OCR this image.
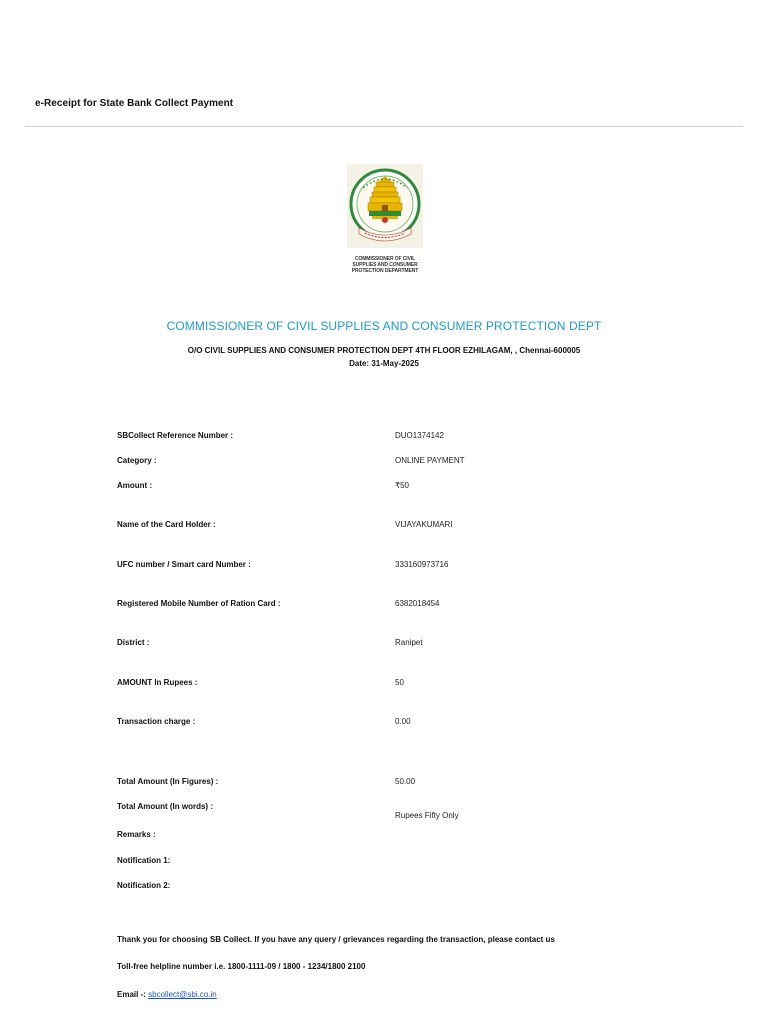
e-Receipt for State Bank Collect Payment
COMMISSIONER OF CIVIL
SUPPLIES AND CONSUMER
PROTECTION DEPARTMENT
COMMISSIONER OF CIVIL SUPPLIES AND CONSUMER PROTECTION DEPT
O/O CIVIL SUPPLIES AND CONSUMER PROTECTION DEPT 4TH FLOOR EZHILAGAM, , Chennai-600005
Date: 31-May-2025
SBCollect Reference Number :	DUO1374142
Category :	ONLINE PAYMENT
Amount :	₹50
Name of the Card Holder :	VIJAYAKUMARI
UFC number / Smart card Number :	333160973716
Registered Mobile Number of Ration Card :	6382018454
District :	Ranipet
AMOUNT In Rupees :	50
Transaction charge :	0.00
Total Amount (In Figures) :	50.00
Total Amount (In words) :
Rupees Fifty Only
Remarks :
Notification 1:
Notification 2:
Thank you for choosing SB Collect. If you have any query / grievances regarding the transaction, please contact us
Toll-free helpline number i.e. 1800-1111-09 / 1800 - 1234/1800 2100
Email -: sbcollect@sbi.co.in
